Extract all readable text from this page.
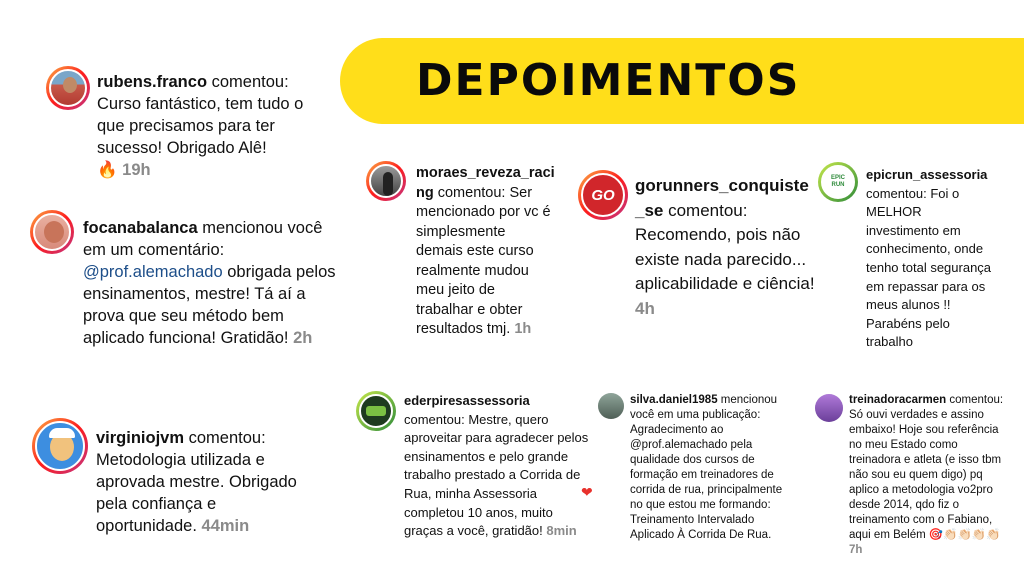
DEPOIMENTOS
rubens.franco comentou: Curso fantástico, tem tudo o que precisamos para ter sucesso! Obrigado Alê!
🔥 19h
focanabalanca mencionou você em um comentário: @prof.alemachado obrigada pelos ensinamentos, mestre! Tá aí a prova que seu método bem aplicado funciona! Gratidão! 2h
virginiojvm comentou: Metodologia utilizada e aprovada mestre. Obrigado pela confiança e oportunidade. 44min
moraes_reveza_racing comentou: Ser mencionado por vc é simplesmente demais este curso realmente mudou meu jeito de trabalhar e obter resultados tmj. 1h
GO gorunners_conquiste_se comentou: Recomendo, pois não existe nada parecido... aplicabilidade e ciência! 4h
EPIC RUN
epicrun_assessoria comentou: Foi o MELHOR investimento em conhecimento, onde tenho total segurança em repassar para os meus alunos !! Parabéns pelo trabalho
ederpiresassessoria comentou: Mestre, quero aproveitar para agradecer pelos ensinamentos e pelo grande trabalho prestado a Corrida de Rua, minha Assessoria completou 10 anos, muito graças a você, gratidão! 8min
❤
silva.daniel1985 mencionou você em uma publicação: Agradecimento ao @prof.alemachado pela qualidade dos cursos de formação em treinadores de corrida de rua, principalmente no que estou me formando: Treinamento Intervalado Aplicado À Corrida De Rua.
treinadoracarmen comentou: Só ouvi verdades e assino embaixo! Hoje sou referência no meu Estado como treinadora e atleta (e isso tbm não sou eu quem digo) pq aplico a metodologia vo2pro desde 2014, qdo fiz o treinamento com o Fabiano, aqui em Belém 🎯👏🏻👏🏻👏🏻👏🏻 7h
